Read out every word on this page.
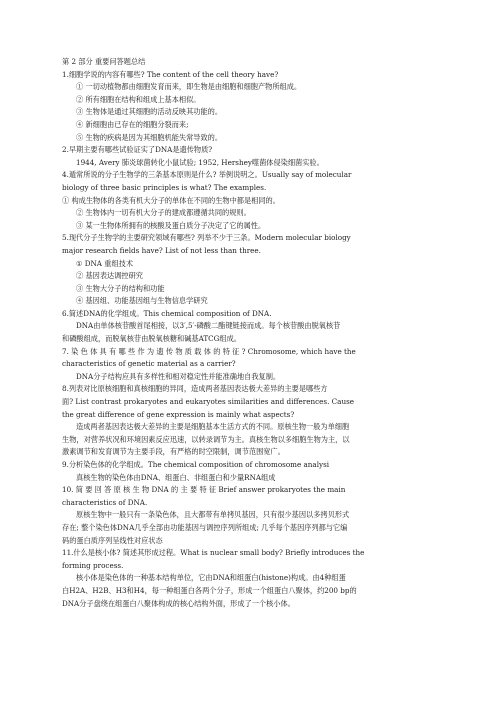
第 2 部分 重要问答题总结
1.细胞学说的内容有哪些? The content of the cell theory have?
① 一切动植物都由细胞发育而来，即生物是由细胞和细胞产物所组成。
② 所有细胞在结构和组成上基本相似。
③ 生物体是通过其细胞的活动反映其功能的。
④ 新细胞由已存在的细胞分裂而来;
⑤ 生物的疾病是因为其细胞机能失常导致的。
2.早期主要有哪些试验证实了DNA是遗传物质?
1944, Avery 肺炎球菌转化小鼠试验; 1952, Hershey噬菌体侵染细菌实验。
4.遁常所说的分子生物学的三条基本原则是什么? 举例说明之。Usually say of molecular
biology of three basic principles is what? The examples.
① 构成生物体的各类有机大分子的单体在不同的生物中都是相同的。
② 生物体内一切有机大分子的建成都遵循共同的规则。
③ 某一生物体所拥有的核酸及蛋白质分子决定了它的属性。
5.现代分子生物学的主要研究领域有哪些? 列举不少于三条。Modern molecular biology
major research fields have? List of not less than three.
① DNA 重组技术
② 基因表达调控研究
③ 生物大分子的结构和功能
④ 基因组、功能基因组与生物信息学研究
6.简述DNA的化学组成。This chemical composition of DNA.
DNA由单体核苷酸首尾相接，以3′,5′-磷酸二酯键链接而成。每个核苷酸由脱氧核苷
和磷酸组成，而脱氧核苷由脱氧核糖和碱基ATCG组成。
7. 染 色 体 具 有 哪 些 作 为 遗 传 物 质 载 体 的 特 征 ? Chromosome, which have the
characteristics of genetic material as a carrier?
DNA分子结构应具有多样性和相对稳定性并能准确地自我复制。
8.列表对比原核细胞和真核细胞的异同，造成两者基因表达极大差异的主要是哪些方
面? List contrast prokaryotes and eukaryotes similarities and differences. Cause
the great difference of gene expression is mainly what aspects?
造成两者基因表达极大差异的主要是细胞基本生活方式的不同。原核生物一般为单细胞
生物，对营养状况和环境因素反应迅速，以转录调节为主。真核生物以多细胞生物为主，以
激素调节和发育调节为主要手段，有严格的时空限制，调节范围宽广。
9.分析染色体的化学组成。The chemical composition of chromosome analysi
真核生物的染色体由DNA、组蛋白、非组蛋白和少量RNA组成
10. 简 要 回 答 原 核 生 物 DNA 的 主 要 特 征 Brief answer prokaryotes the main
characteristics of DNA.
原核生物中一般只有一条染色体，且大都带有单拷贝基因，只有很少基因以多拷贝形式
存在; 整个染色体DNA几乎全部由功能基因与调控序列所组成; 几乎每个基因序列都与它编
码的蛋白质序列呈线性对应状态
11.什么是核小体? 简述其形成过程。What is nuclear small body? Briefly introduces the
forming process.
核小体是染色体的一种基本结构单位，它由DNA和组蛋白(histone)构成。由4种组蛋
白H2A、H2B、H3和H4，每一种组蛋白各两个分子，形成一个组蛋白八聚体，约200 bp的
DNA分子盘绕在组蛋白八聚体构成的核心结构外面，形成了一个核小体。
